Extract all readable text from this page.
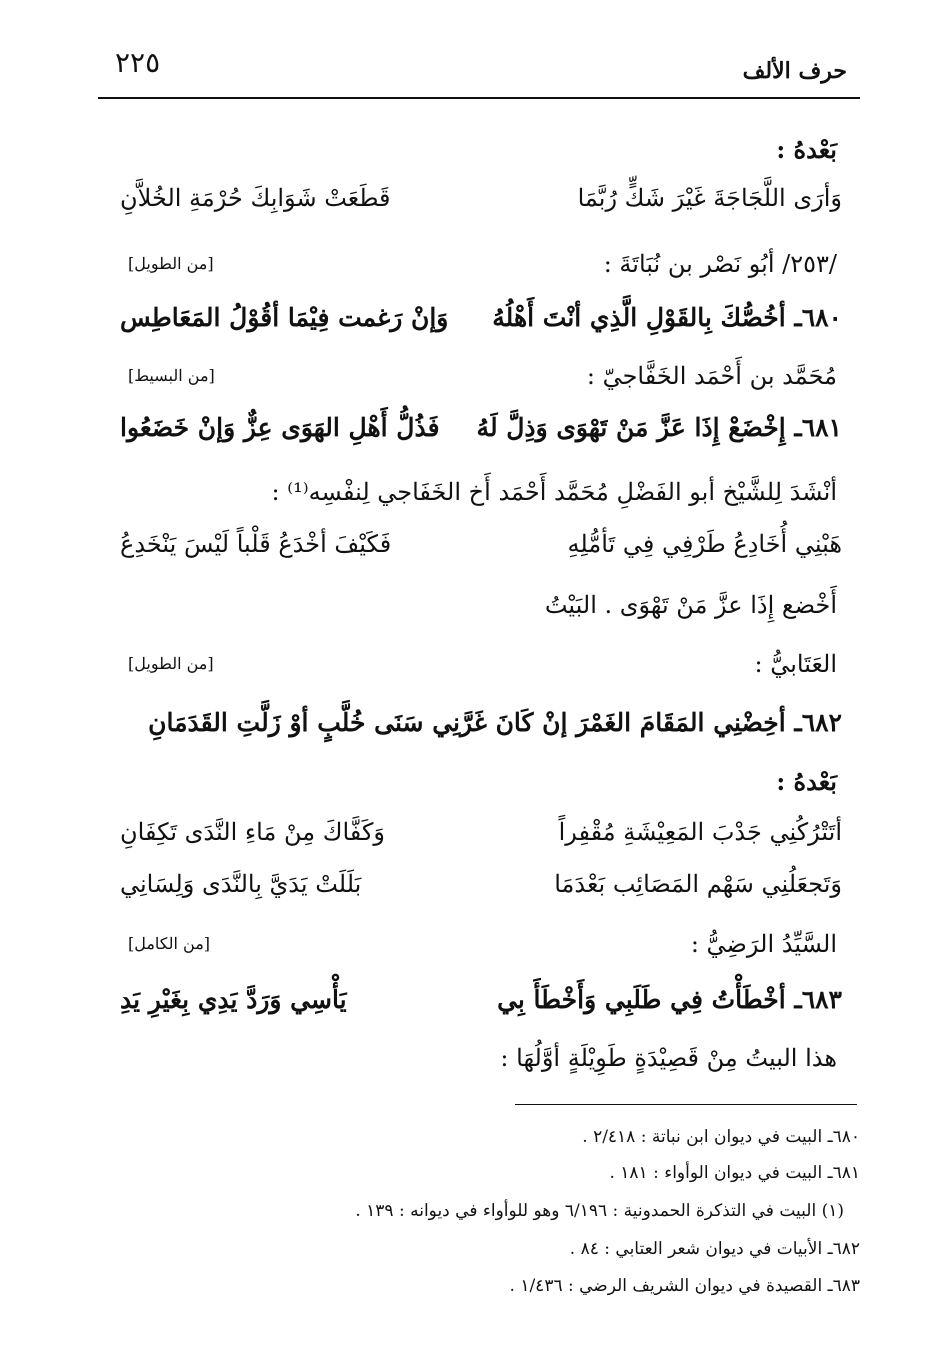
حرف الألف
٢٢٥
بَعْدهُ :
وَأرَى اللَّجَاجَةَ غَيْرَ شَكٍّ رُبَّمَا
قَطَعَتْ شَوَابِكَ حُرْمَةِ الخُلاَّنِ
/٢٥٣/ أبُو نَصْر بن نُبَاتَةَ :
[من الطويل]
٦٨٠ـ أخُصُّكَ بِالقَوْلِ الَّذِي أنْتَ أَهْلُهُ
وَإنْ رَغمت فِيْمَا أقُوْلُ المَعَاطِس
مُحَمَّد بن أَحْمَد الخَفَّاجيّ :
[من البسيط]
٦٨١ـ إِخْضَعْ إِذَا عَزَّ مَنْ تَهْوَى وَذِلَّ لَهُ
فَذُلُّ أَهْلِ الهَوَى عِزٌّ وَإنْ خَضَعُوا
أنْشَدَ لِلشَّيْخ أبو الفَضْلِ مُحَمَّد أَحْمَد أَخ الخَفَاجي لِنفْسِه⁽¹⁾ :
هَبْنِي أُخَادِعُ طَرْفِي فِي تَأمُّلِهِ
فَكَيْفَ أخْدَعُ قَلْباً لَيْسَ يَنْخَدِعُ
أَخْضع إِذَا عزَّ مَنْ تَهْوَى . البَيْتُ
العَتَابيُّ :
[من الطويل]
٦٨٢ـ أخِضْنِي المَقَامَ الغَمْرَ إنْ كَانَ غَرَّنِي سَنَى خُلَّبٍ أوْ زَلَّتِ القَدَمَانِ
بَعْدهُ :
أتَتْرُكُنِي جَدْبَ المَعِيْشَةِ مُقْفِراً
وَكَفَّاكَ مِنْ مَاءِ النَّدَى تَكِفَانِ
وَتَجعَلُنِي سَهْم المَصَائِب بَعْدَمَا
بَلَلَتْ يَدَيَّ بِالنَّدَى وَلِسَانِي
السَّيِّدُ الرَضِيُّ :
[من الكامل]
٦٨٣ـ أخْطَأْتُ فِي طَلَبِي وَأَخْطَأَ بِي
يَأْسِي وَرَدَّ يَدِي بِغَيْرِ يَدِ
هذا البيتُ مِنْ قَصِيْدَةٍ طَوِيْلَةٍ أوَّلُهَا :
٦٨٠ـ البيت في ديوان ابن نباتة : ٢/٤١٨ .
٦٨١ـ البيت في ديوان الوأواء : ١٨١ .
(١) البيت في التذكرة الحمدونية : ٦/١٩٦ وهو للوأواء في ديوانه : ١٣٩ .
٦٨٢ـ الأبيات في ديوان شعر العتابي : ٨٤ .
٦٨٣ـ القصيدة في ديوان الشريف الرضي : ١/٤٣٦ .
